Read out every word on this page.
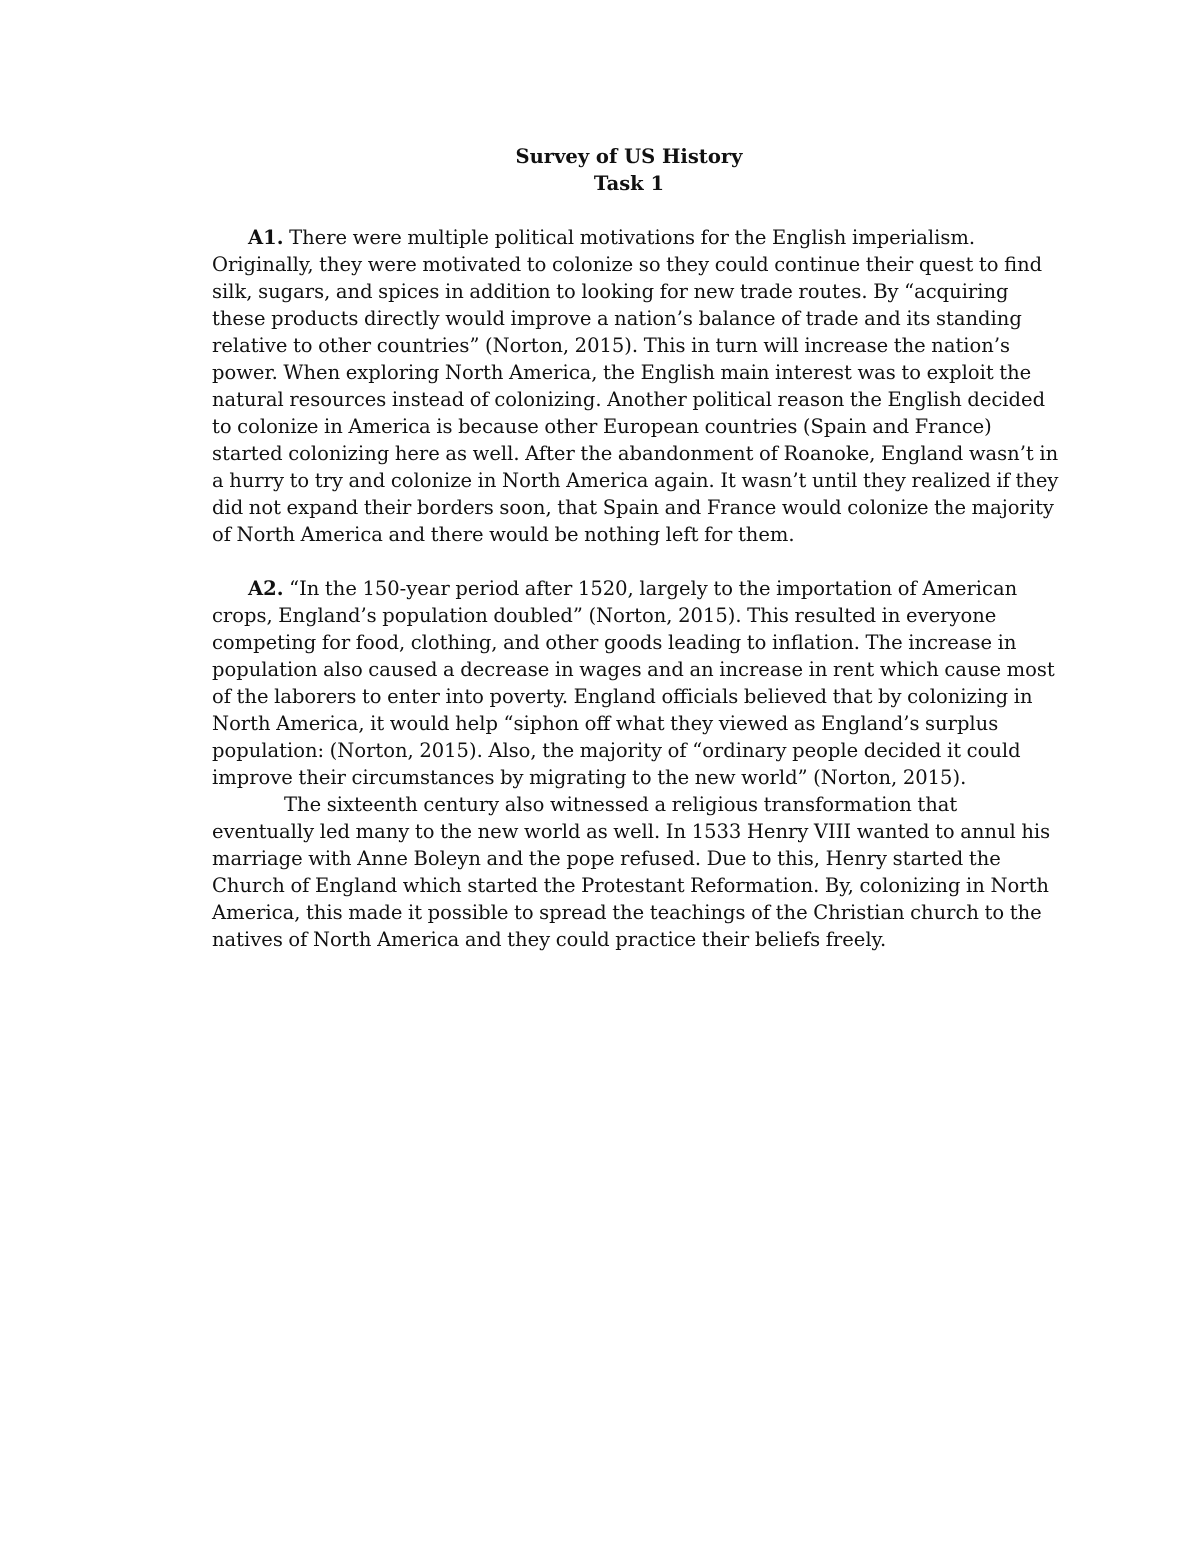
Survey of US History
Task 1

A1. There were multiple political motivations for the English imperialism. Originally, they were motivated to colonize so they could continue their quest to find silk, sugars, and spices in addition to looking for new trade routes. By “acquiring these products directly would improve a nation’s balance of trade and its standing relative to other countries” (Norton, 2015). This in turn will increase the nation’s power. When exploring North America, the English main interest was to exploit the natural resources instead of colonizing. Another political reason the English decided to colonize in America is because other European countries (Spain and France) started colonizing here as well. After the abandonment of Roanoke, England wasn’t in a hurry to try and colonize in North America again. It wasn’t until they realized if they did not expand their borders soon, that Spain and France would colonize the majority of North America and there would be nothing left for them.

A2. “In the 150-year period after 1520, largely to the importation of American crops, England’s population doubled” (Norton, 2015). This resulted in everyone competing for food, clothing, and other goods leading to inflation. The increase in population also caused a decrease in wages and an increase in rent which cause most of the laborers to enter into poverty. England officials believed that by colonizing in North America, it would help “siphon off what they viewed as England’s surplus population: (Norton, 2015). Also, the majority of “ordinary people decided it could improve their circumstances by migrating to the new world” (Norton, 2015).

The sixteenth century also witnessed a religious transformation that eventually led many to the new world as well. In 1533 Henry VIII wanted to annul his marriage with Anne Boleyn and the pope refused. Due to this, Henry started the Church of England which started the Protestant Reformation. By, colonizing in North America, this made it possible to spread the teachings of the Christian church to the natives of North America and they could practice their beliefs freely.
